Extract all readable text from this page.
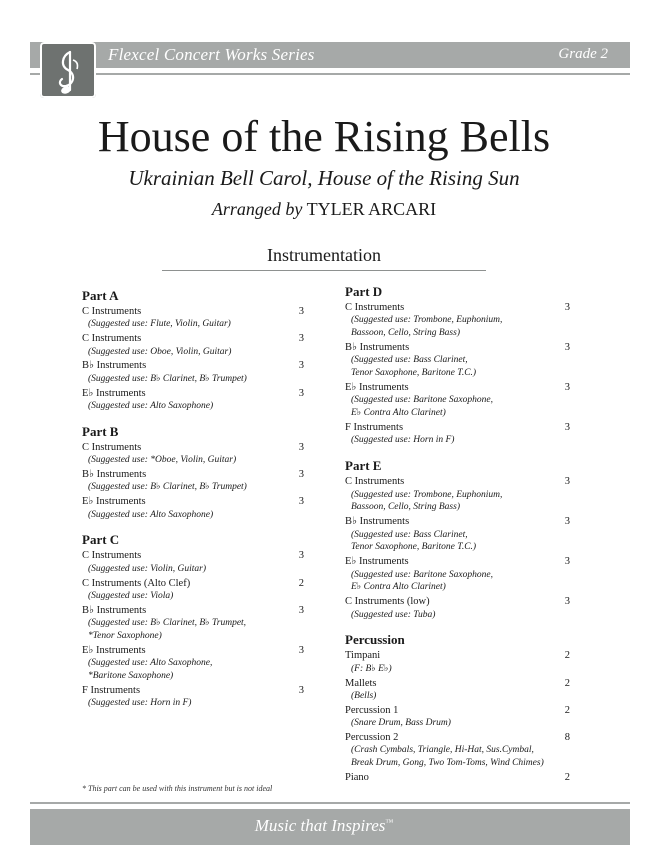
Flexcel Concert Works Series	Grade 2
House of the Rising Bells
Ukrainian Bell Carol, House of the Rising Sun
Arranged by TYLER ARCARI
Instrumentation
Part A
C Instruments	3
(Suggested use: Flute, Violin, Guitar)
C Instruments	3
(Suggested use: Oboe, Violin, Guitar)
B♭ Instruments	3
(Suggested use: B♭ Clarinet, B♭ Trumpet)
E♭ Instruments	3
(Suggested use: Alto Saxophone)
Part B
C Instruments	3
(Suggested use: *Oboe, Violin, Guitar)
B♭ Instruments	3
(Suggested use: B♭ Clarinet, B♭ Trumpet)
E♭ Instruments	3
(Suggested use: Alto Saxophone)
Part C
C Instruments	3
(Suggested use: Violin, Guitar)
C Instruments (Alto Clef)	2
(Suggested use: Viola)
B♭ Instruments	3
(Suggested use: B♭ Clarinet, B♭ Trumpet,
*Tenor Saxophone)
E♭ Instruments	3
(Suggested use: Alto Saxophone,
*Baritone Saxophone)
F Instruments	3
(Suggested use: Horn in F)
Part D
C Instruments	3
(Suggested use: Trombone, Euphonium,
Bassoon, Cello, String Bass)
B♭ Instruments	3
(Suggested use: Bass Clarinet,
Tenor Saxophone, Baritone T.C.)
E♭ Instruments	3
(Suggested use: Baritone Saxophone,
E♭ Contra Alto Clarinet)
F Instruments	3
(Suggested use: Horn in F)
Part E
C Instruments	3
(Suggested use: Trombone, Euphonium,
Bassoon, Cello, String Bass)
B♭ Instruments	3
(Suggested use: Bass Clarinet,
Tenor Saxophone, Baritone T.C.)
E♭ Instruments	3
(Suggested use: Baritone Saxophone,
E♭ Contra Alto Clarinet)
C Instruments (low)	3
(Suggested use: Tuba)
Percussion
Timpani	2
(F: B♭ E♭)
Mallets	2
(Bells)
Percussion 1	2
(Snare Drum, Bass Drum)
Percussion 2	8
(Crash Cymbals, Triangle, Hi-Hat, Sus.Cymbal,
Break Drum, Gong, Two Tom-Toms, Wind Chimes)
Piano	2
* This part can be used with this instrument but is not ideal
Music that Inspires™
